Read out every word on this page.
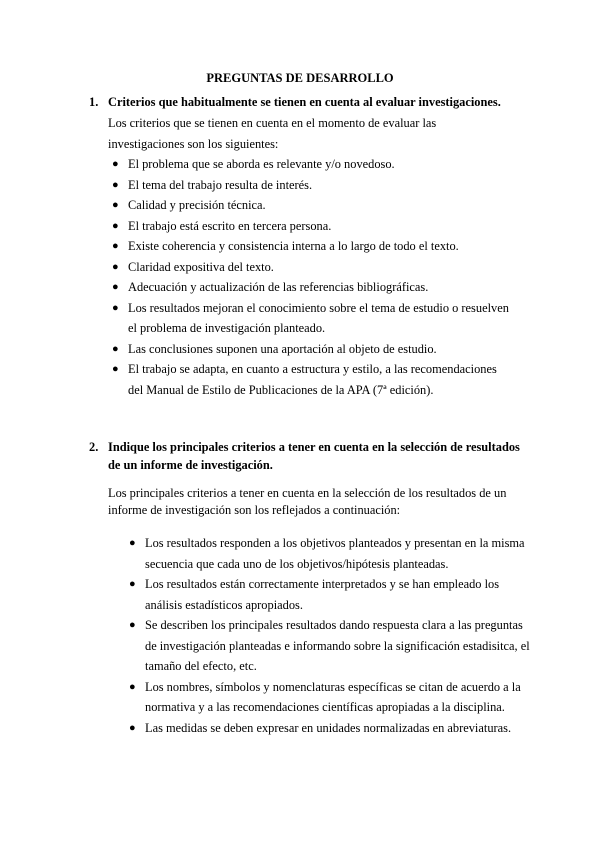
PREGUNTAS DE DESARROLLO
1. Criterios que habitualmente se tienen en cuenta al evaluar investigaciones.
Los criterios que se tienen en cuenta en el momento de evaluar las investigaciones son los siguientes:
● El problema que se aborda es relevante y/o novedoso.
● El tema del trabajo resulta de interés.
● Calidad y precisión técnica.
● El trabajo está escrito en tercera persona.
● Existe coherencia y consistencia interna a lo largo de todo el texto.
● Claridad expositiva del texto.
● Adecuación y actualización de las referencias bibliográficas.
● Los resultados mejoran el conocimiento sobre el tema de estudio o resuelven el problema de investigación planteado.
● Las conclusiones suponen una aportación al objeto de estudio.
● El trabajo se adapta, en cuanto a estructura y estilo, a las recomendaciones del Manual de Estilo de Publicaciones de la APA (7ª edición).
2. Indique los principales criterios a tener en cuenta en la selección de resultados de un informe de investigación.
Los principales criterios a tener en cuenta en la selección de los resultados de un informe de investigación son los reflejados a continuación:
● Los resultados responden a los objetivos planteados y presentan en la misma secuencia que cada uno de los objetivos/hipótesis planteadas.
● Los resultados están correctamente interpretados y se han empleado los análisis estadísticos apropiados.
● Se describen los principales resultados dando respuesta clara a las preguntas de investigación planteadas e informando sobre la significación estadisitca, el tamaño del efecto, etc.
● Los nombres, símbolos y nomenclaturas específicas se citan de acuerdo a la normativa y a las recomendaciones científicas apropiadas a la disciplina.
● Las medidas se deben expresar en unidades normalizadas en abreviaturas.
